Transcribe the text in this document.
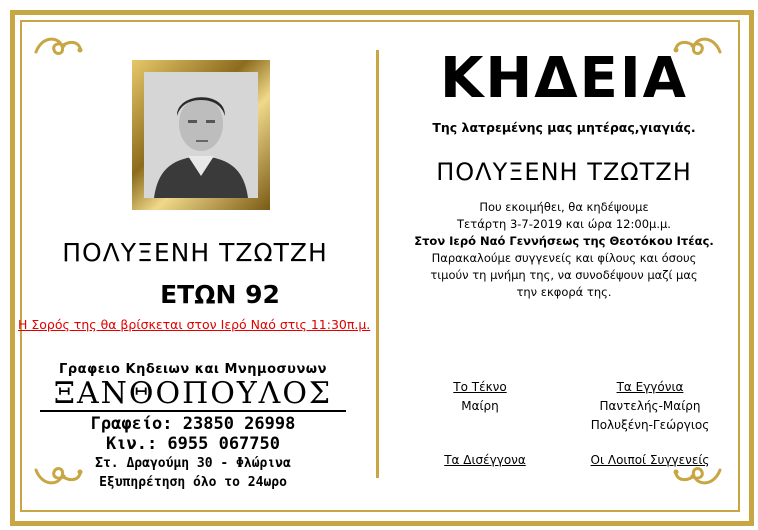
ΠΟΛΥΞΕΝΗ ΤΖΩΤΖΗ
ΕΤΩΝ 92
Η Σορός της θα βρίσκεται στον Ιερό Ναό στις 11:30π.μ.
Γραφειο Κηδειων και Μνημοσυνων
ΞΑΝΘΟΠΟΥΛΟΣ
Γραφείο: 23850 26998
Κιν.: 6955 067750
Στ. Δραγούμη 30 - Φλώρινα
Εξυπηρέτηση όλο το 24ωρο
ΚΗΔΕΙΑ
Της λατρεμένης μας μητέρας,γιαγιάς.
ΠΟΛΥΞΕΝΗ ΤΖΩΤΖΗ
Που εκοιμήθει, θα κηδέψουμε
Τετάρτη 3-7-2019 και ώρα 12:00μ.μ.
Στον Ιερό Ναό Γεννήσεως της Θεοτόκου Ιτέας.
Παρακαλούμε συγγενείς και φίλους και όσους
τιμούν τη μνήμη της, να συνοδέψουν μαζί μας
την εκφορά της.
Το Τέκνο
Μαίρη
Τα Εγγόνια
Παντελής-Μαίρη
Πολυξένη-Γεώργιος
Τα Δισέγγονα	Οι Λοιποί Συγγενείς
